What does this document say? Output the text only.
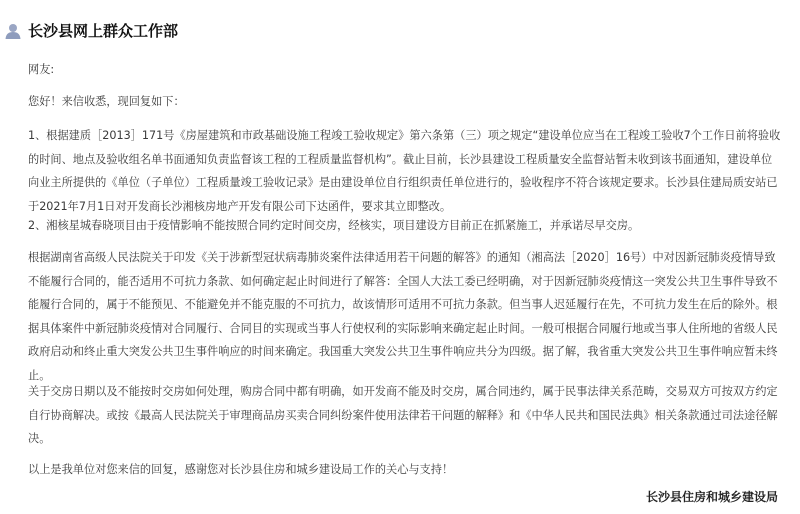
长沙县网上群众工作部

网友:

您好！来信收悉，现回复如下：

1、根据建质［2013］171号《房屋建筑和市政基础设施工程竣工验收规定》第六条第（三）项之规定“建设单位应当在工程竣工验收7个工作日前将验收的时间、地点及验收组名单书面通知负责监督该工程的工程质量监督机构”。截止目前，长沙县建设工程质量安全监督站暂未收到该书面通知，建设单位向业主所提供的《单位（子单位）工程质量竣工验收记录》是由建设单位自行组织责任单位进行的，验收程序不符合该规定要求。长沙县住建局质安站已于2021年7月1日对开发商长沙湘核房地产开发有限公司下达函件，要求其立即整改。

2、湘核星城春晓项目由于疫情影响不能按照合同约定时间交房，经核实，项目建设方目前正在抓紧施工，并承诺尽早交房。

根据湖南省高级人民法院关于印发《关于涉新型冠状病毒肺炎案件法律适用若干问题的解答》的通知（湘高法［2020］16号）中对因新冠肺炎疫情导致不能履行合同的，能否适用不可抗力条款、如何确定起止时间进行了解答：全国人大法工委已经明确，对于因新冠肺炎疫情这一突发公共卫生事件导致不能履行合同的，属于不能预见、不能避免并不能克服的不可抗力，故该情形可适用不可抗力条款。但当事人迟延履行在先，不可抗力发生在后的除外。根据具体案件中新冠肺炎疫情对合同履行、合同目的实现或当事人行使权利的实际影响来确定起止时间。一般可根据合同履行地或当事人住所地的省级人民政府启动和终止重大突发公共卫生事件响应的时间来确定。我国重大突发公共卫生事件响应共分为四级。据了解，我省重大突发公共卫生事件响应暂未终止。

关于交房日期以及不能按时交房如何处理，购房合同中都有明确，如开发商不能及时交房，属合同违约，属于民事法律关系范畴，交易双方可按双方约定自行协商解决。或按《最高人民法院关于审理商品房买卖合同纠纷案件使用法律若干问题的解释》和《中华人民共和国民法典》相关条款通过司法途径解决。

以上是我单位对您来信的回复，感谢您对长沙县住房和城乡建设局工作的关心与支持！

长沙县住房和城乡建设局
